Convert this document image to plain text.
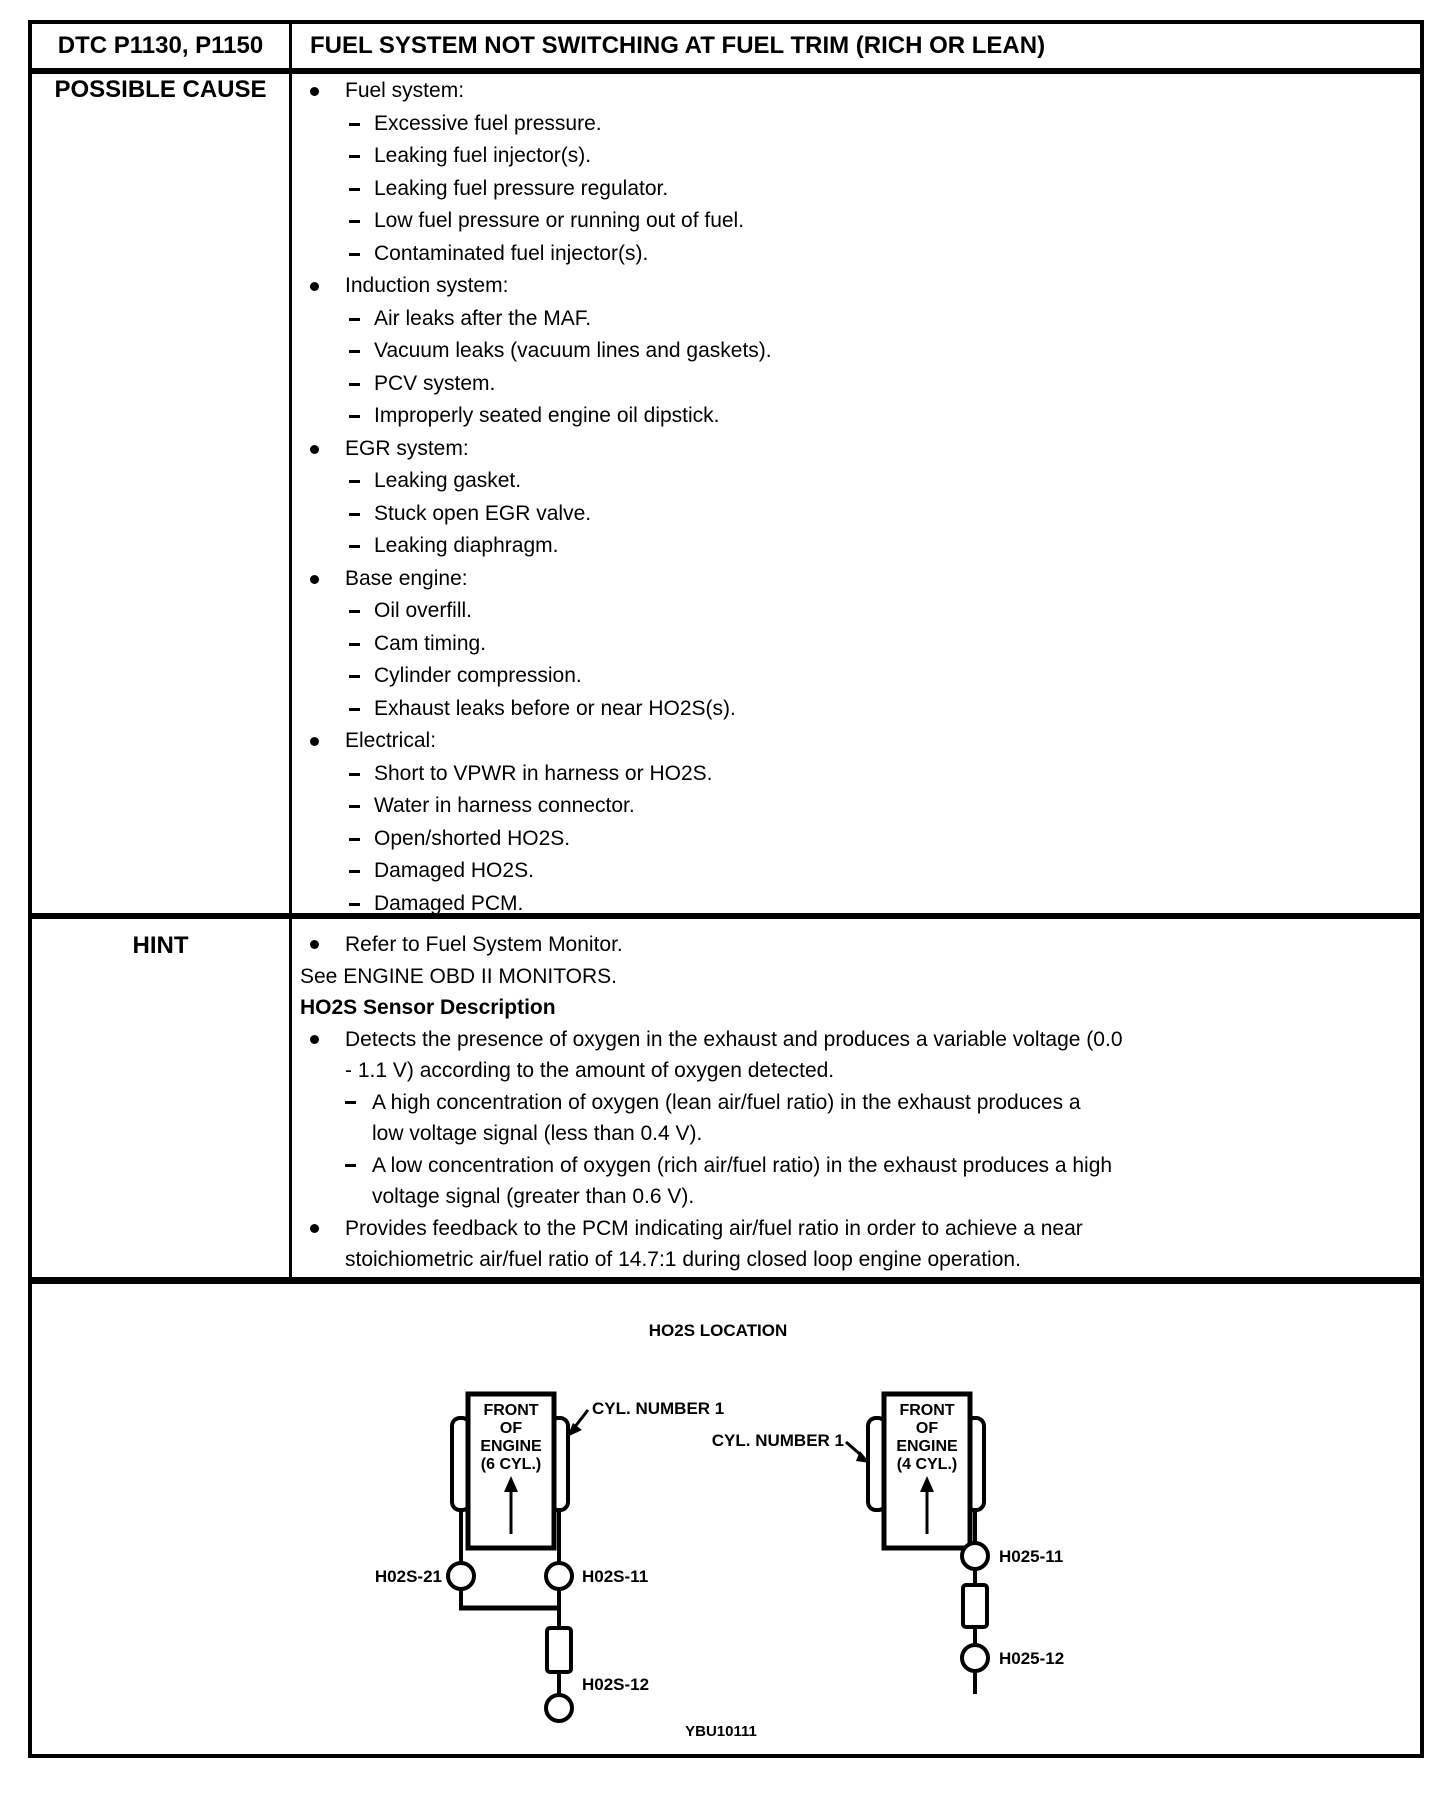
DTC P1130, P1150	FUEL SYSTEM NOT SWITCHING AT FUEL TRIM (RICH OR LEAN)
POSSIBLE CAUSE
HINT
Fuel system:
Excessive fuel pressure.
Leaking fuel injector(s).
Leaking fuel pressure regulator.
Low fuel pressure or running out of fuel.
Contaminated fuel injector(s).
Induction system:
Air leaks after the MAF.
Vacuum leaks (vacuum lines and gaskets).
PCV system.
Improperly seated engine oil dipstick.
EGR system:
Leaking gasket.
Stuck open EGR valve.
Leaking diaphragm.
Base engine:
Oil overfill.
Cam timing.
Cylinder compression.
Exhaust leaks before or near HO2S(s).
Electrical:
Short to VPWR in harness or HO2S.
Water in harness connector.
Open/shorted HO2S.
Damaged HO2S.
Damaged PCM.
Refer to Fuel System Monitor.
See ENGINE OBD II MONITORS.
HO2S Sensor Description
Detects the presence of oxygen in the exhaust and produces a variable voltage (0.0
- 1.1 V) according to the amount of oxygen detected.
A high concentration of oxygen (lean air/fuel ratio) in the exhaust produces a
low voltage signal (less than 0.4 V).
A low concentration of oxygen (rich air/fuel ratio) in the exhaust produces a high
voltage signal (greater than 0.6 V).
Provides feedback to the PCM indicating air/fuel ratio in order to achieve a near
stoichiometric air/fuel ratio of 14.7:1 during closed loop engine operation.
HO2S LOCATION
YBU10111
FRONT
OF
ENGINE
(6 CYL.)
CYL. NUMBER 1
H02S-21	H02S-11
H02S-12
FRONT
OF
ENGINE
(4 CYL.)
CYL. NUMBER 1
H025-11
H025-12
